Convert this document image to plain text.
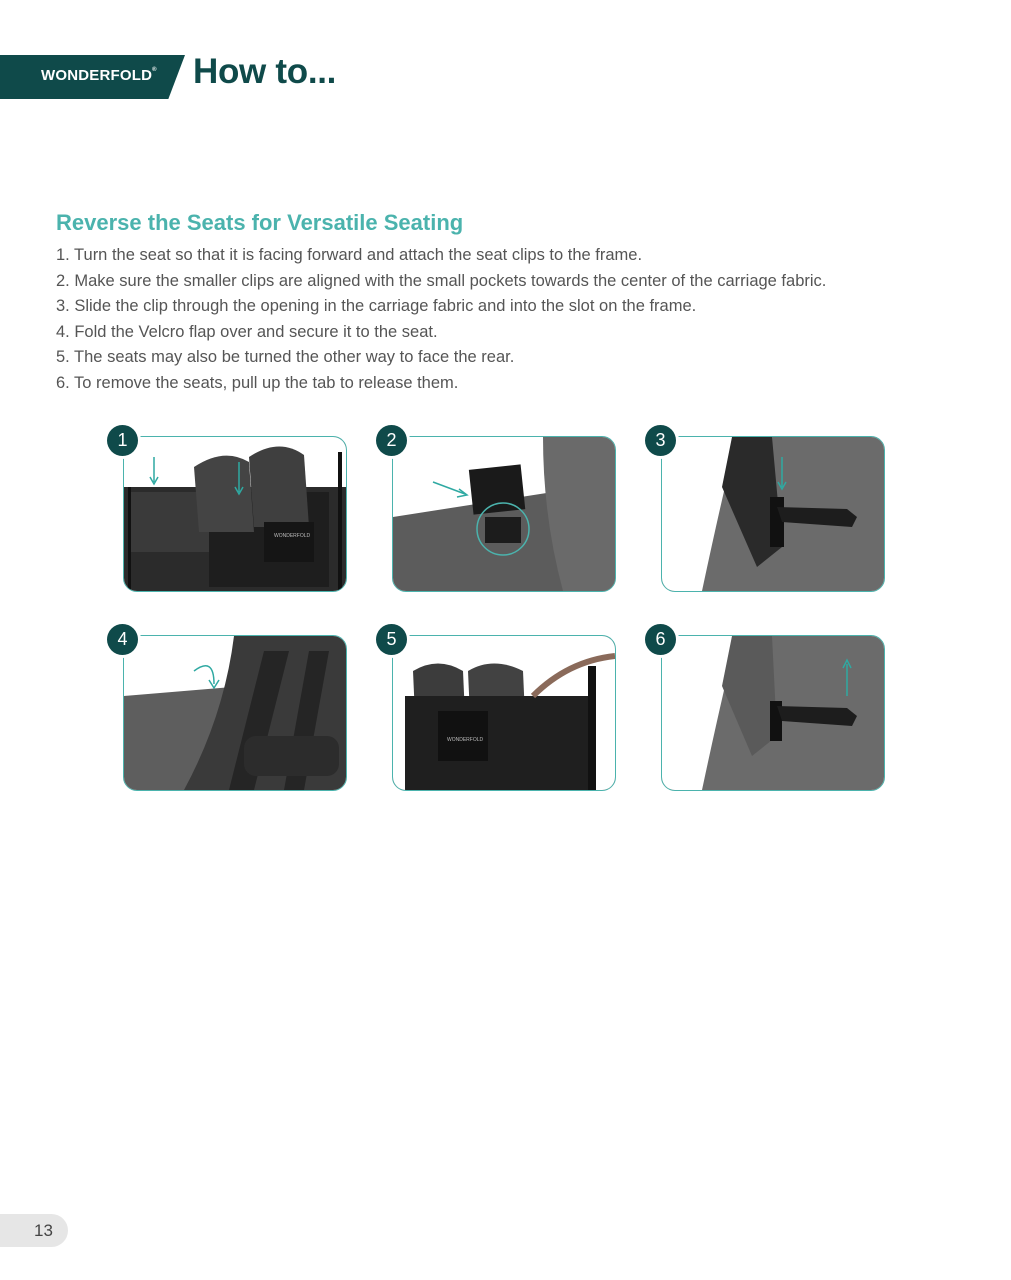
WONDERFOLD® How to...
Reverse the Seats for Versatile Seating
1. Turn the seat so that it is facing forward and attach the seat clips to the frame.
2. Make sure the smaller clips are aligned with the small pockets towards the center of the carriage fabric.
3. Slide the clip through the opening in the carriage fabric and into the slot on the frame.
4. Fold the Velcro flap over and secure it to the seat.
5. The seats may also be turned the other way to face the rear.
6. To remove the seats, pull up the tab to release them.
WONDERFOLD
1	2	3
4
WONDERFOLD
5	6
13
